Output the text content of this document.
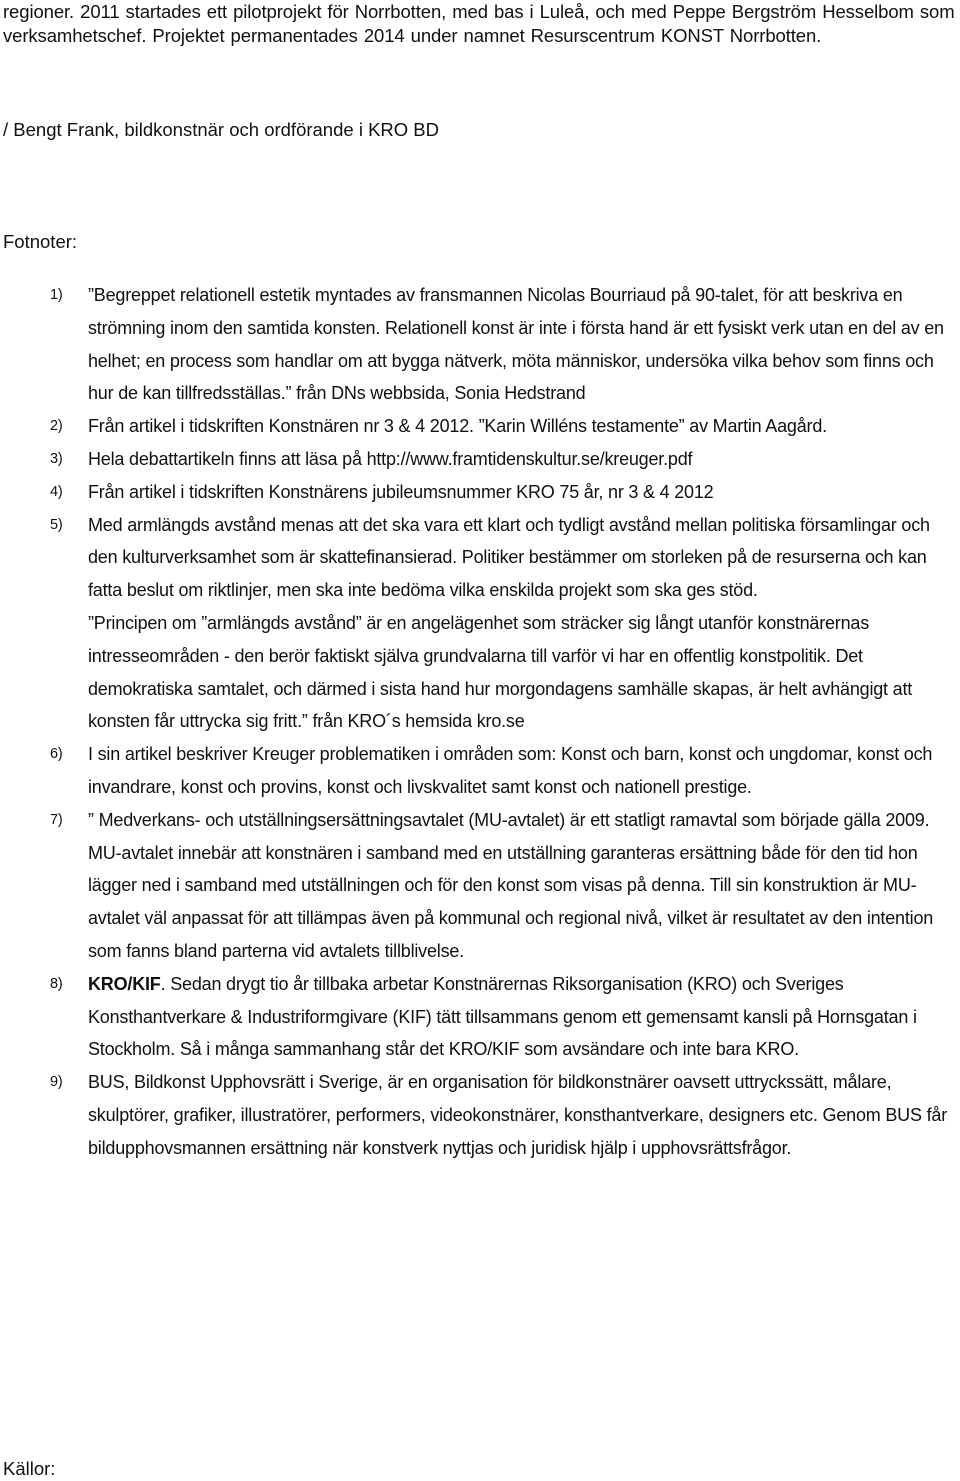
regioner. 2011 startades ett pilotprojekt för Norrbotten, med bas i Luleå, och med Peppe Bergström Hesselbom som verksamhetschef. Projektet permanentades 2014 under namnet Resurscentrum KONST Norrbotten.

/ Bengt Frank, bildkonstnär och ordförande i KRO BD
Fotnoter:
1) ”Begreppet relationell estetik myntades av fransmannen Nicolas Bourriaud på 90-talet, för att beskriva en strömning inom den samtida konsten. Relationell konst är inte i första hand är ett fysiskt verk utan en del av en helhet; en process som handlar om att bygga nätverk, möta människor, undersöka vilka behov som finns och hur de kan tillfredsställas.” från DNs webbsida, Sonia Hedstrand
2) Från artikel i tidskriften Konstnären nr 3 & 4 2012. ”Karin Willéns testamente” av Martin Aagård.
3) Hela debattartikeln finns att läsa på http://www.framtidenskultur.se/kreuger.pdf
4) Från artikel i tidskriften Konstnärens jubileumsnummer KRO 75 år, nr 3 & 4 2012
5) Med armlängds avstånd menas att det ska vara ett klart och tydligt avstånd mellan politiska församlingar och den kulturverksamhet som är skattefinansierad. Politiker bestämmer om storleken på de resurserna och kan fatta beslut om riktlinjer, men ska inte bedöma vilka enskilda projekt som ska ges stöd.
”Principen om ”armlängds avstånd” är en angelägenhet som sträcker sig långt utanför konstnärernas intresseområden - den berör faktiskt själva grundvalarna till varför vi har en offentlig konstpolitik. Det demokratiska samtalet, och därmed i sista hand hur morgondagens samhälle skapas, är helt avhängigt att konsten får uttrycka sig fritt.” från KRO´s hemsida kro.se
6) I sin artikel beskriver Kreuger problematiken i områden som: Konst och barn, konst och ungdomar, konst och invandrare, konst och provins, konst och livskvalitet samt konst och nationell prestige.
7) ” Medverkans- och utställningsersättningsavtalet (MU-avtalet) är ett statligt ramavtal som började gälla 2009. MU-avtalet innebär att konstnären i samband med en utställning garanteras ersättning både för den tid hon lägger ned i samband med utställningen och för den konst som visas på denna. Till sin konstruktion är MU-avtalet väl anpassat för att tillämpas även på kommunal och regional nivå, vilket är resultatet av den intention som fanns bland parterna vid avtalets tillblivelse.
8) KRO/KIF. Sedan drygt tio år tillbaka arbetar Konstnärernas Riksorganisation (KRO) och Sveriges Konsthantverkare & Industriformgivare (KIF) tätt tillsammans genom ett gemensamt kansli på Hornsgatan i Stockholm. Så i många sammanhang står det KRO/KIF som avsändare och inte bara KRO.
9) BUS, Bildkonst Upphovsrätt i Sverige, är en organisation för bildkonstnärer oavsett uttryckssätt, målare, skulptörer, grafiker, illustratörer, performers, videokonstnärer, konsthantverkare, designers etc. Genom BUS får bildupphovsmannen ersättning när konstverk nyttjas och juridisk hjälp i upphovsrättsfrågor.
Källor:
